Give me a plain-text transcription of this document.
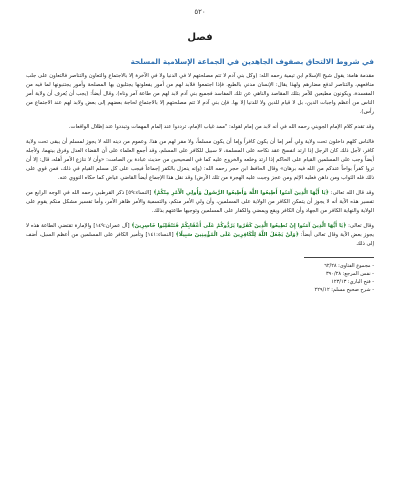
٥٢٠
فصل
في شروط الالتحاق بصفوف الجاهدين في الجماعة الإسلامية المسلحة

مقدمة هامة: يقول شيخ الإسلام ابن تيمية رحمه الله: (وكل بني آدم لا تتم مصلحتهم لا في الدنيا ولا في الآخرة إلا بالاجتماع والتعاون والتناصر فالتعاون على جلب منافعهم، والتناصر لدفع مضارهم ولهذا يقال: الإنسان مدني بالطبع. فإذا اجتمعوا فلابد لهم من أمور يفعلونها يجتلبون بها المصلحة وأمور يجتنبونها لما فيه من المفسدة، ويكونون مطيعين للآمر بتلك المقاصد والناهي عن تلك المفاسد فجميع بني آدم لابد لهم من طاعة آمر وناه). وقال أيضاً: (يجب أن يُعرف أن ولاية أمر الناس من أعظم واجبات الدين، بل لا قيام للدين ولا للدنيا إلا بها. فإن بني آدم لا تتم مصلحتهم إلا بالاجتماع لحاجة بعضهم إلى بعض ولابد لهم عند الاجتماع من رأس).

وقد تقدم كلام الإمام الجويني رحمه الله في أنه لابد من إمام لقوله: "ممد غياب الإمام، ترددوا عند إلمام المهمات وتبددوا عند إظلال الواقعات.

فالناس كلهم داخلون تحت ولاية ولي أمر إما أن يكون كافراً وإما أن يكون مسلماً، ولا مفر لهم من هذا. وعموم من دينه الله لا يجوز لمسلم أن يبقى تحت ولاية كافر، لأجل ذلك كان الرجل إذا ارتد انفسخ عقد نكاحه على المسلمة، لا سبيل للكافر على المسلم، وقد أجمع العلماء على أن القضاء العدل وفرق بينهما، ولأجله أيضاً وجب على المسلمين القيام على الحاكم إذا ارتد وخلعه والخروج عليه كما في الصحيحين من حديث عبادة بن الصامت: «وأن لا ننازع الأمر أهله، قال: إلا أن تروا كفراً بواحاً عندكم من الله فيه برهان» وقال الحافظ ابن حجر رحمه الله: (وإنه ينعزل بالكفر إجماعاً فيجب على كل مسلم القيام في ذلك، فمن قوي على ذلك فله الثواب ومن داهن فعليه الإثم ومن عجز وجبت عليه الهجرة من تلك الأرض) وقد نقل هذا الإجماع أيضاً القاضي عياض كما حكاه النووي عنه.

وقد قال الله تعالى: ﴿يَا أَيُّهَا الَّذِينَ آمَنُوا أَطِيعُوا اللَّهَ وَأَطِيعُوا الرَّسُولَ وَأُولِي الْأَمْرِ مِنْكُمْ﴾ [النساء:٥٩] ذكر القرطبي رحمه الله في الوجه الرابع من تفسير هذه الآية أنه لا يجوز أن يتمكن الكافر من الولاية على المسلمين، وأن ولي الأمر منكم، والتسمية والأمر ظاهر الأمر، وأما تفسير مشكل منكم يقوم على الولاية والنهاية الكافر من الجهاد وأن الكافر ويقع ويمضي والكفار على المسلمين وتوجيها طاعتهم بذلك.

وقال تعالى: ﴿يَا أَيُّهَا الَّذِينَ آمَنُوا إِنْ تُطِيعُوا الَّذِينَ كَفَرُوا يَرُدُّوكُمْ عَلَى أَعْقَابِكُمْ فَتَنْقَلِبُوا خَاسِرِينَ﴾ [آل عمران:١٤٩] والإمارة تقتضي الطاعة هذه لا يجوز بعض الآية وقال تعالى أيضاً: ﴿وَلَنْ يَجْعَلَ اللَّهُ لِلْكَافِرِينَ عَلَى الْمُؤْمِنِينَ سَبِيلًا﴾ [النساء:١٤١] وتأمير الكافر على المسلمين من أعظم السبل، أضف إلى ذلك

- مجموع الفتاوى: ٦٢/٢٨
- نفس المرجع: ٣٩٠/٢٨
- فتح الباري: ١٢٣/١٣
- شرح صحيح مسلم: ٢٢٩/١٢
